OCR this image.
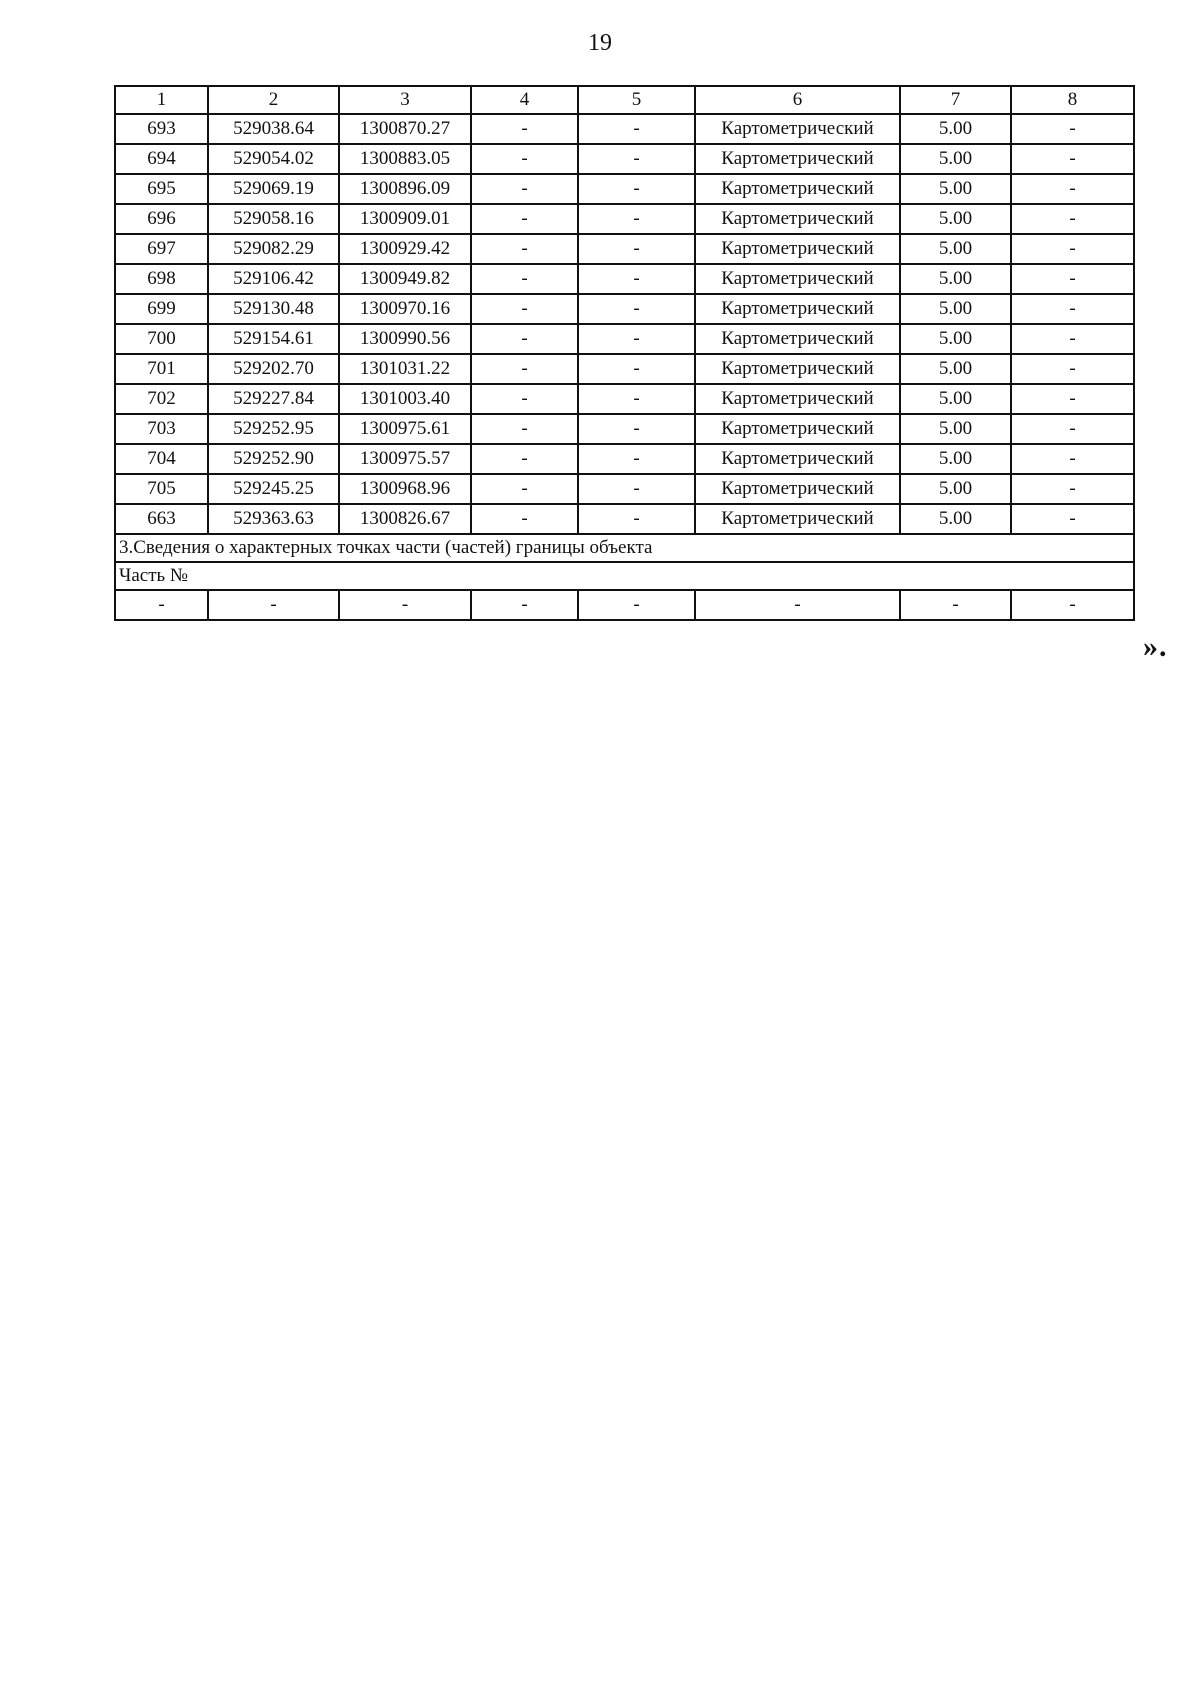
19
1	2	3	4	5	6	7	8
693	529038.64	1300870.27	-	-	Картометрический	5.00	-
694	529054.02	1300883.05	-	-	Картометрический	5.00	-
695	529069.19	1300896.09	-	-	Картометрический	5.00	-
696	529058.16	1300909.01	-	-	Картометрический	5.00	-
697	529082.29	1300929.42	-	-	Картометрический	5.00	-
698	529106.42	1300949.82	-	-	Картометрический	5.00	-
699	529130.48	1300970.16	-	-	Картометрический	5.00	-
700	529154.61	1300990.56	-	-	Картометрический	5.00	-
701	529202.70	1301031.22	-	-	Картометрический	5.00	-
702	529227.84	1301003.40	-	-	Картометрический	5.00	-
703	529252.95	1300975.61	-	-	Картометрический	5.00	-
704	529252.90	1300975.57	-	-	Картометрический	5.00	-
705	529245.25	1300968.96	-	-	Картометрический	5.00	-
663	529363.63	1300826.67	-	-	Картометрический	5.00	-
3.Сведения о характерных точках части (частей) границы объекта							
Часть №							
-	-	-	-	-	-	-	-
».
